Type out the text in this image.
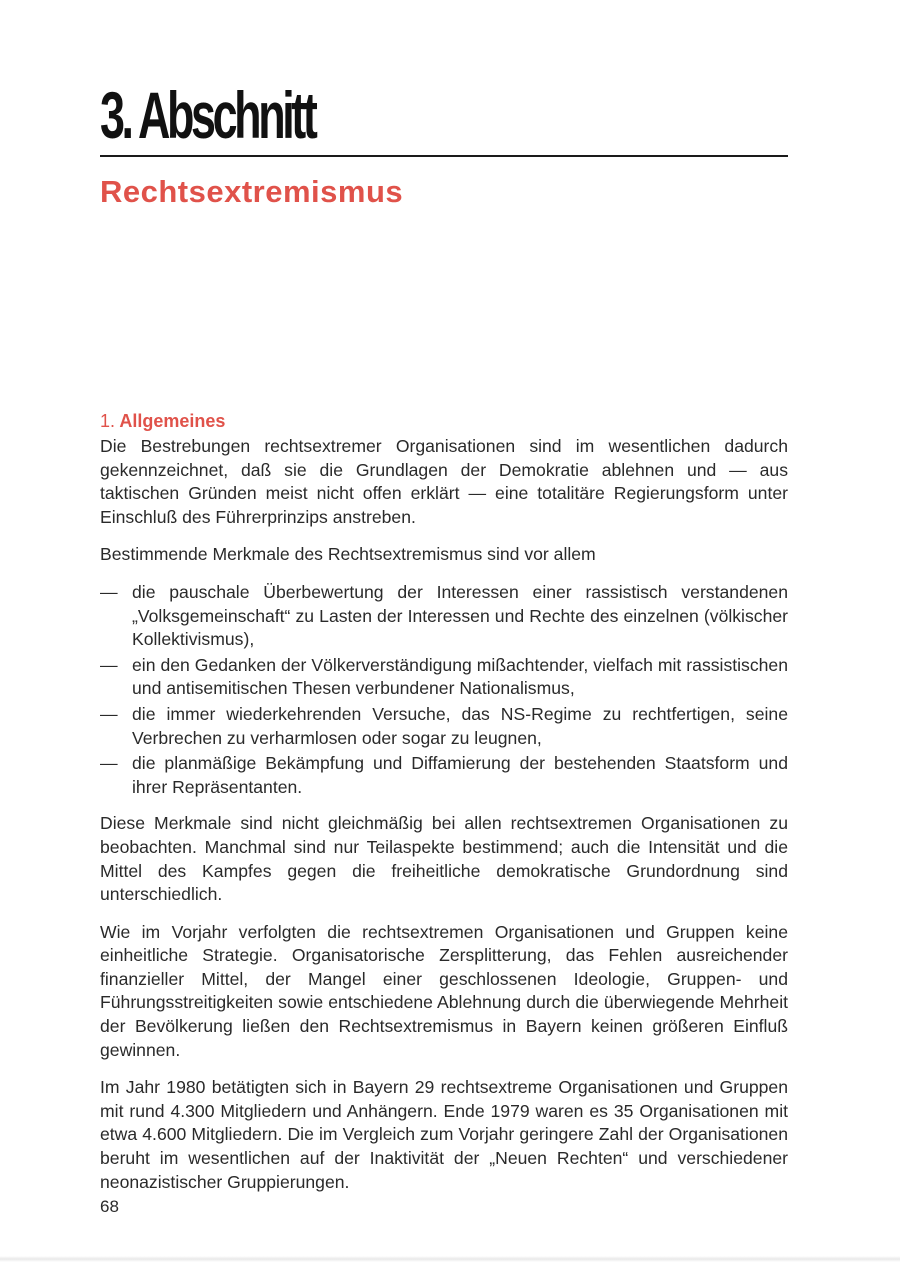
3. Abschnitt
Rechtsextremismus
1. Allgemeines

Die Bestrebungen rechtsextremer Organisationen sind im wesentlichen dadurch gekennzeichnet, daß sie die Grundlagen der Demokratie ablehnen und — aus taktischen Gründen meist nicht offen erklärt — eine totalitäre Regierungsform unter Einschluß des Führerprinzips anstreben.

Bestimmende Merkmale des Rechtsextremismus sind vor allem

— die pauschale Überbewertung der Interessen einer rassistisch verstandenen „Volksgemeinschaft“ zu Lasten der Interessen und Rechte des einzelnen (völkischer Kollektivismus),
— ein den Gedanken der Völkerverständigung mißachtender, vielfach mit rassistischen und antisemitischen Thesen verbundener Nationalismus,
— die immer wiederkehrenden Versuche, das NS-Regime zu rechtfertigen, seine Verbrechen zu verharmlosen oder sogar zu leugnen,
— die planmäßige Bekämpfung und Diffamierung der bestehenden Staatsform und ihrer Repräsentanten.

Diese Merkmale sind nicht gleichmäßig bei allen rechtsextremen Organisationen zu beobachten. Manchmal sind nur Teilaspekte bestimmend; auch die Intensität und die Mittel des Kampfes gegen die freiheitliche demokratische Grundordnung sind unterschiedlich.

Wie im Vorjahr verfolgten die rechtsextremen Organisationen und Gruppen keine einheitliche Strategie. Organisatorische Zersplitterung, das Fehlen ausreichender finanzieller Mittel, der Mangel einer geschlossenen Ideologie, Gruppen- und Führungsstreitigkeiten sowie entschiedene Ablehnung durch die überwiegende Mehrheit der Bevölkerung ließen den Rechtsextremismus in Bayern keinen größeren Einfluß gewinnen.

Im Jahr 1980 betätigten sich in Bayern 29 rechtsextreme Organisationen und Gruppen mit rund 4.300 Mitgliedern und Anhängern. Ende 1979 waren es 35 Organisationen mit etwa 4.600 Mitgliedern. Die im Vergleich zum Vorjahr geringere Zahl der Organisationen beruht im wesentlichen auf der Inaktivität der „Neuen Rechten“ und verschiedener neonazistischer Gruppierungen.

68
